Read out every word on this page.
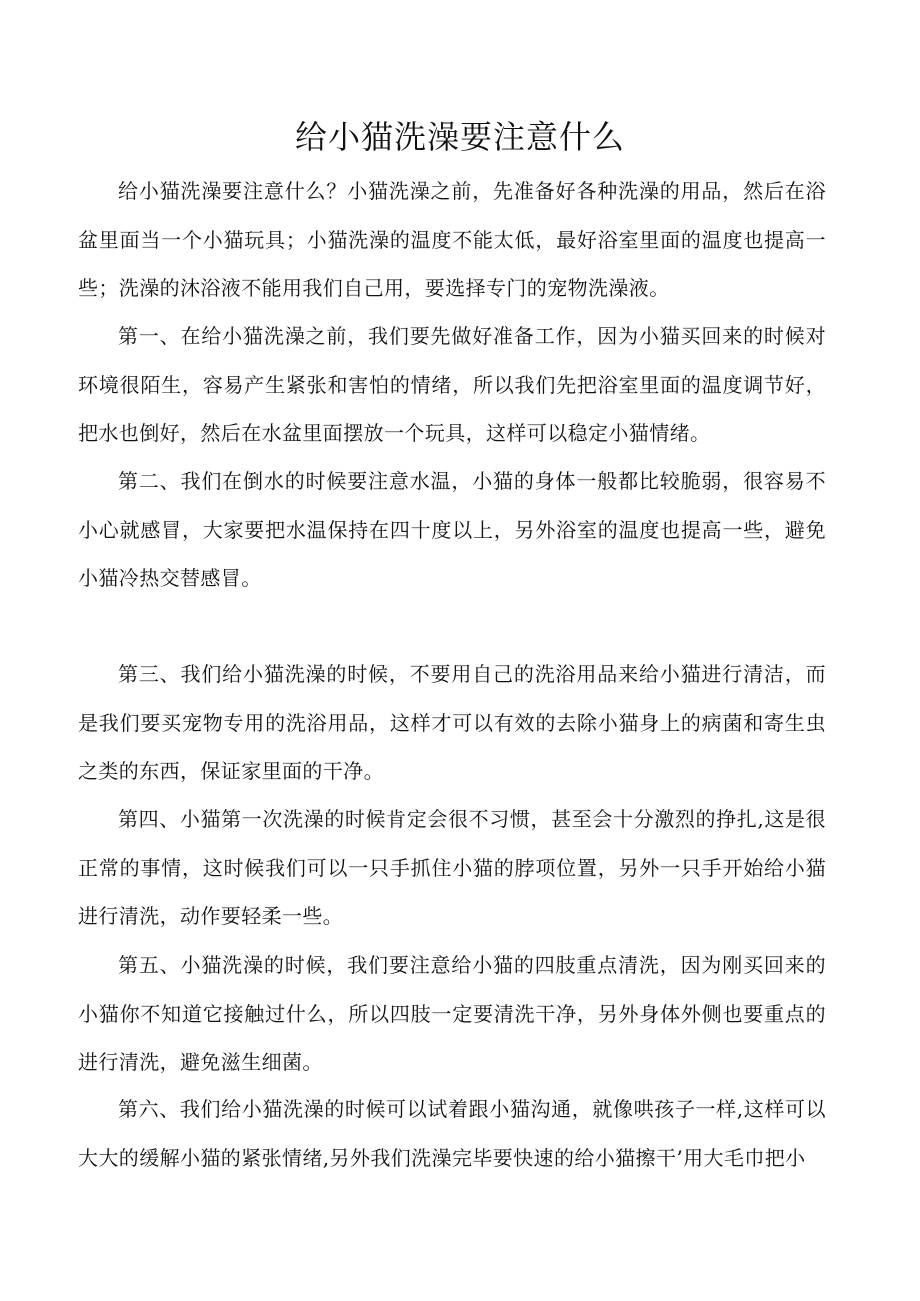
给小猫洗澡要注意什么

给小猫洗澡要注意什么？小猫洗澡之前，先准备好各种洗澡的用品，然后在浴盆里面当一个小猫玩具；小猫洗澡的温度不能太低，最好浴室里面的温度也提高一些；洗澡的沐浴液不能用我们自己用，要选择专门的宠物洗澡液。

第一、在给小猫洗澡之前，我们要先做好准备工作，因为小猫买回来的时候对环境很陌生，容易产生紧张和害怕的情绪，所以我们先把浴室里面的温度调节好，把水也倒好，然后在水盆里面摆放一个玩具，这样可以稳定小猫情绪。

第二、我们在倒水的时候要注意水温，小猫的身体一般都比较脆弱，很容易不小心就感冒，大家要把水温保持在四十度以上，另外浴室的温度也提高一些，避免小猫冷热交替感冒。

第三、我们给小猫洗澡的时候，不要用自己的洗浴用品来给小猫进行清洁，而是我们要买宠物专用的洗浴用品，这样才可以有效的去除小猫身上的病菌和寄生虫之类的东西，保证家里面的干净。

第四、小猫第一次洗澡的时候肯定会很不习惯，甚至会十分激烈的挣扎,这是很正常的事情，这时候我们可以一只手抓住小猫的脖项位置，另外一只手开始给小猫进行清洗，动作要轻柔一些。

第五、小猫洗澡的时候，我们要注意给小猫的四肢重点清洗，因为刚买回来的小猫你不知道它接触过什么，所以四肢一定要清洗干净，另外身体外侧也要重点的进行清洗，避免滋生细菌。

第六、我们给小猫洗澡的时候可以试着跟小猫沟通，就像哄孩子一样,这样可以大大的缓解小猫的紧张情绪,另外我们洗澡完毕要快速的给小猫擦干’用大毛巾把小
